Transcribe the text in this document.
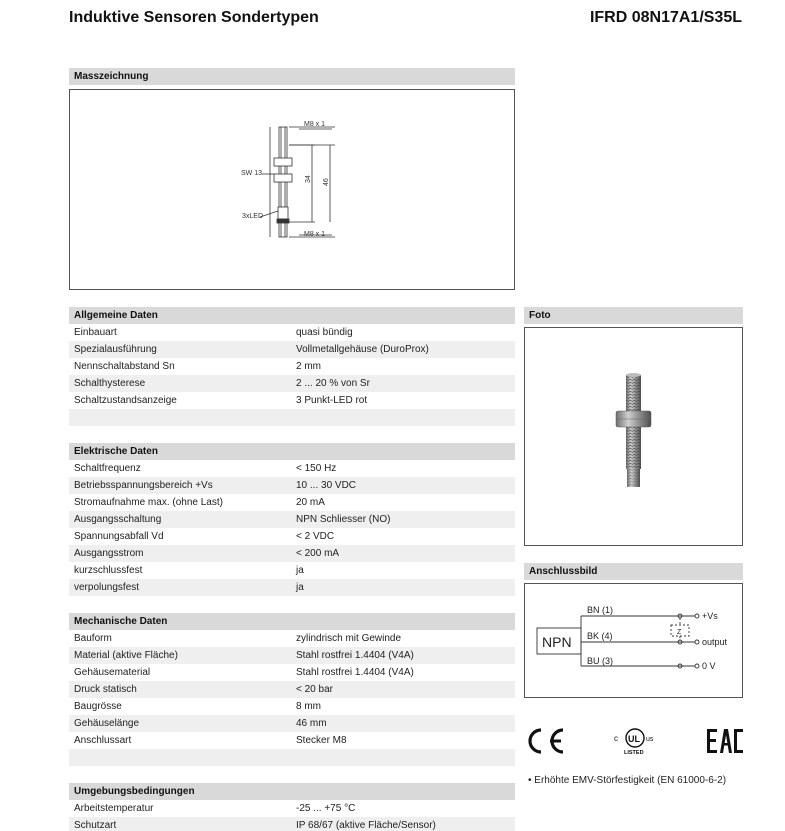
Induktive Sensoren Sondertypen	IFRD 08N17A1/S35L
Masszeichnung
M8 x 1
M8 x 1
SW 13
3xLED
34 46
Allgemeine Daten
Einbauart	quasi bündig
Spezialausführung	Vollmetallgehäuse (DuroProx)
Nennschaltabstand Sn	2 mm
Schalthysterese	2 ... 20 % von Sr
Schaltzustandsanzeige	3 Punkt-LED rot
Elektrische Daten
Schaltfrequenz	< 150 Hz
Betriebsspannungsbereich +Vs	10 ... 30 VDC
Stromaufnahme max. (ohne Last)	20 mA
Ausgangsschaltung	NPN Schliesser (NO)
Spannungsabfall Vd	< 2 VDC
Ausgangsstrom	< 200 mA
kurzschlussfest	ja
verpolungsfest	ja
Mechanische Daten
Bauform	zylindrisch mit Gewinde
Material (aktive Fläche)	Stahl rostfrei 1.4404 (V4A)
Gehäusematerial	Stahl rostfrei 1.4404 (V4A)
Druck statisch	< 20 bar
Baugrösse	8 mm
Gehäuselänge	46 mm
Anschlussart	Stecker M8
Umgebungsbedingungen
Arbeitstemperatur	-25 ... +75 °C
Schutzart	IP 68/67 (aktive Fläche/Sensor)
Foto
Anschlussbild
NPN
BN (1)
BK (4)
BU (3)
Z
+Vs
output
0 V
UL
c	us
LISTED
• Erhöhte EMV-Störfestigkeit (EN 61000-6-2)
